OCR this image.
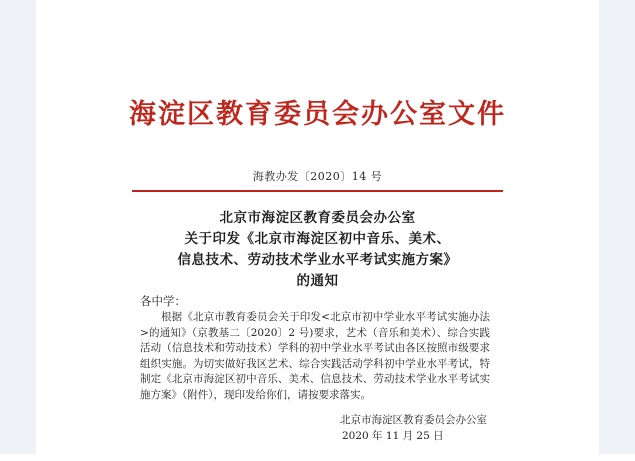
海淀区教育委员会办公室文件
海教办发〔2020〕14 号
北京市海淀区教育委员会办公室
关于印发《北京市海淀区初中音乐、美术、
信息技术、劳动技术学业水平考试实施方案》
的通知
各中学：
根据《北京市教育委员会关于印发<北京市初中学业水平考试实施办法>的通知》（京教基二〔2020〕2 号)要求，艺术（音乐和美术）、综合实践活动（信息技术和劳动技术）学科的初中学业水平考试由各区按照市级要求组织实施。为切实做好我区艺术、综合实践活动学科初中学业水平考试，特制定《北京市海淀区初中音乐、美术、信息技术、劳动技术学业水平考试实施方案》（附件），现印发给你们，请按要求落实。
北京市海淀区教育委员会办公室
2020 年 11 月 25 日
